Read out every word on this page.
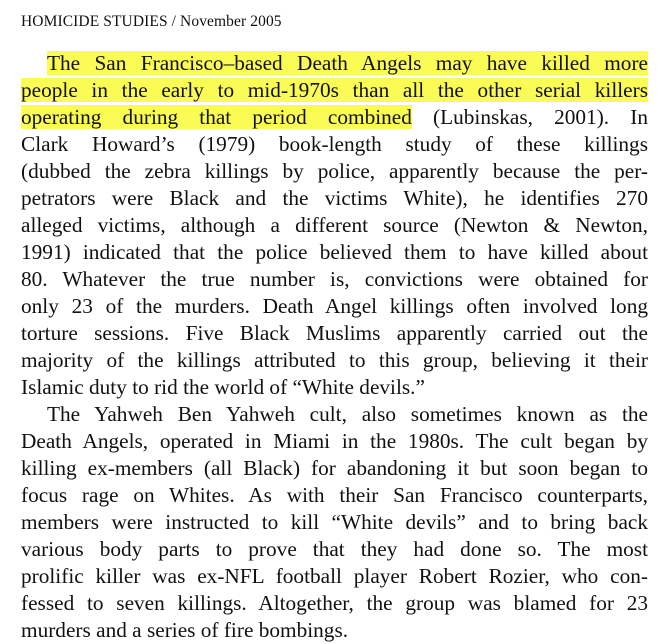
HOMICIDE STUDIES / November 2005
The San Francisco–based Death Angels may have killed more
people in the early to mid-1970s than all the other serial killers
operating during that period combined (Lubinskas, 2001). In
Clark Howard’s (1979) book-length study of these killings
(dubbed the zebra killings by police, apparently because the per-
petrators were Black and the victims White), he identifies 270
alleged victims, although a different source (Newton & Newton,
1991) indicated that the police believed them to have killed about
80. Whatever the true number is, convictions were obtained for
only 23 of the murders. Death Angel killings often involved long
torture sessions. Five Black Muslims apparently carried out the
majority of the killings attributed to this group, believing it their
Islamic duty to rid the world of “White devils.”
The Yahweh Ben Yahweh cult, also sometimes known as the
Death Angels, operated in Miami in the 1980s. The cult began by
killing ex-members (all Black) for abandoning it but soon began to
focus rage on Whites. As with their San Francisco counterparts,
members were instructed to kill “White devils” and to bring back
various body parts to prove that they had done so. The most
prolific killer was ex-NFL football player Robert Rozier, who con-
fessed to seven killings. Altogether, the group was blamed for 23
murders and a series of fire bombings.
